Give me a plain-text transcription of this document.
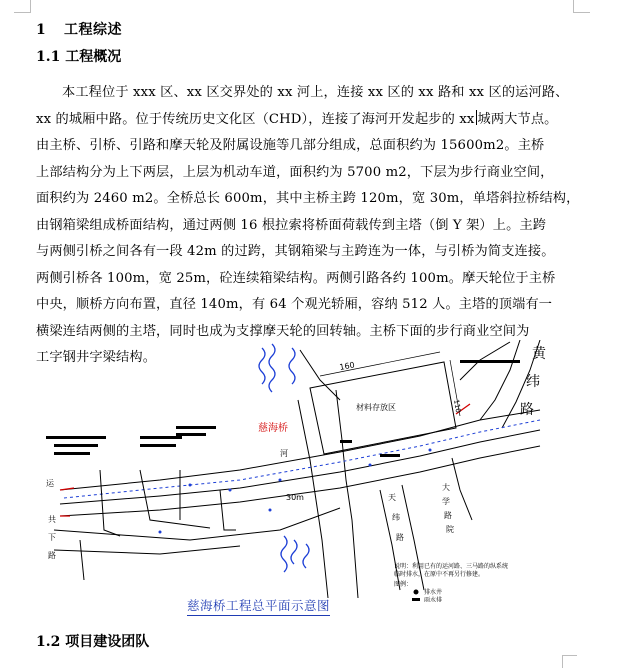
1 工程综述
1.1 工程概况
本工程位于 xxx 区、xx 区交界处的 xx 河上，连接 xx 区的 xx 路和 xx 区的运河路、
xx 的城厢中路。位于传统历史文化区（CHD），连接了海河开发起步的 xx 城两大节点。
由主桥、引桥、引路和摩天轮及附属设施等几部分组成，总面积约为 15600m2。主桥
上部结构分为上下两层，上层为机动车道，面积约为 5700 m2，下层为步行商业空间，
面积约为 2460 m2。全桥总长 600m，其中主桥主跨 120m，宽 30m，单塔斜拉桥结构，
由钢箱梁组成桥面结构，通过两侧 16 根拉索将桥面荷载传到主塔（倒 Y 架）上。主跨
与两侧引桥之间各有一段 42m 的过跨，其钢箱梁与主跨连为一体，与引桥为简支连接。
两侧引桥各 100m，宽 25m，砼连续箱梁结构。两侧引路各约 100m。摩天轮位于主桥
中央，顺桥方向布置，直径 140m，有 64 个观光轿厢，容纳 512 人。主塔的顶端有一
横梁连结两侧的主塔，同时也成为支撑摩天轮的回转轴。主桥下面的步行商业空间为
工字钢井字梁结构。
160
110
材料存放区
30m
慈海桥
黄
纬
路
运
共
下
路
天
纬
路
大
学
路
院
河
说明：利用已有的运河路、三马路的纵系统
临时排水，在原中不再另行修建。
图例：
排水井
雨水排
慈海桥工程总平面示意图
1.2 项目建设团队
